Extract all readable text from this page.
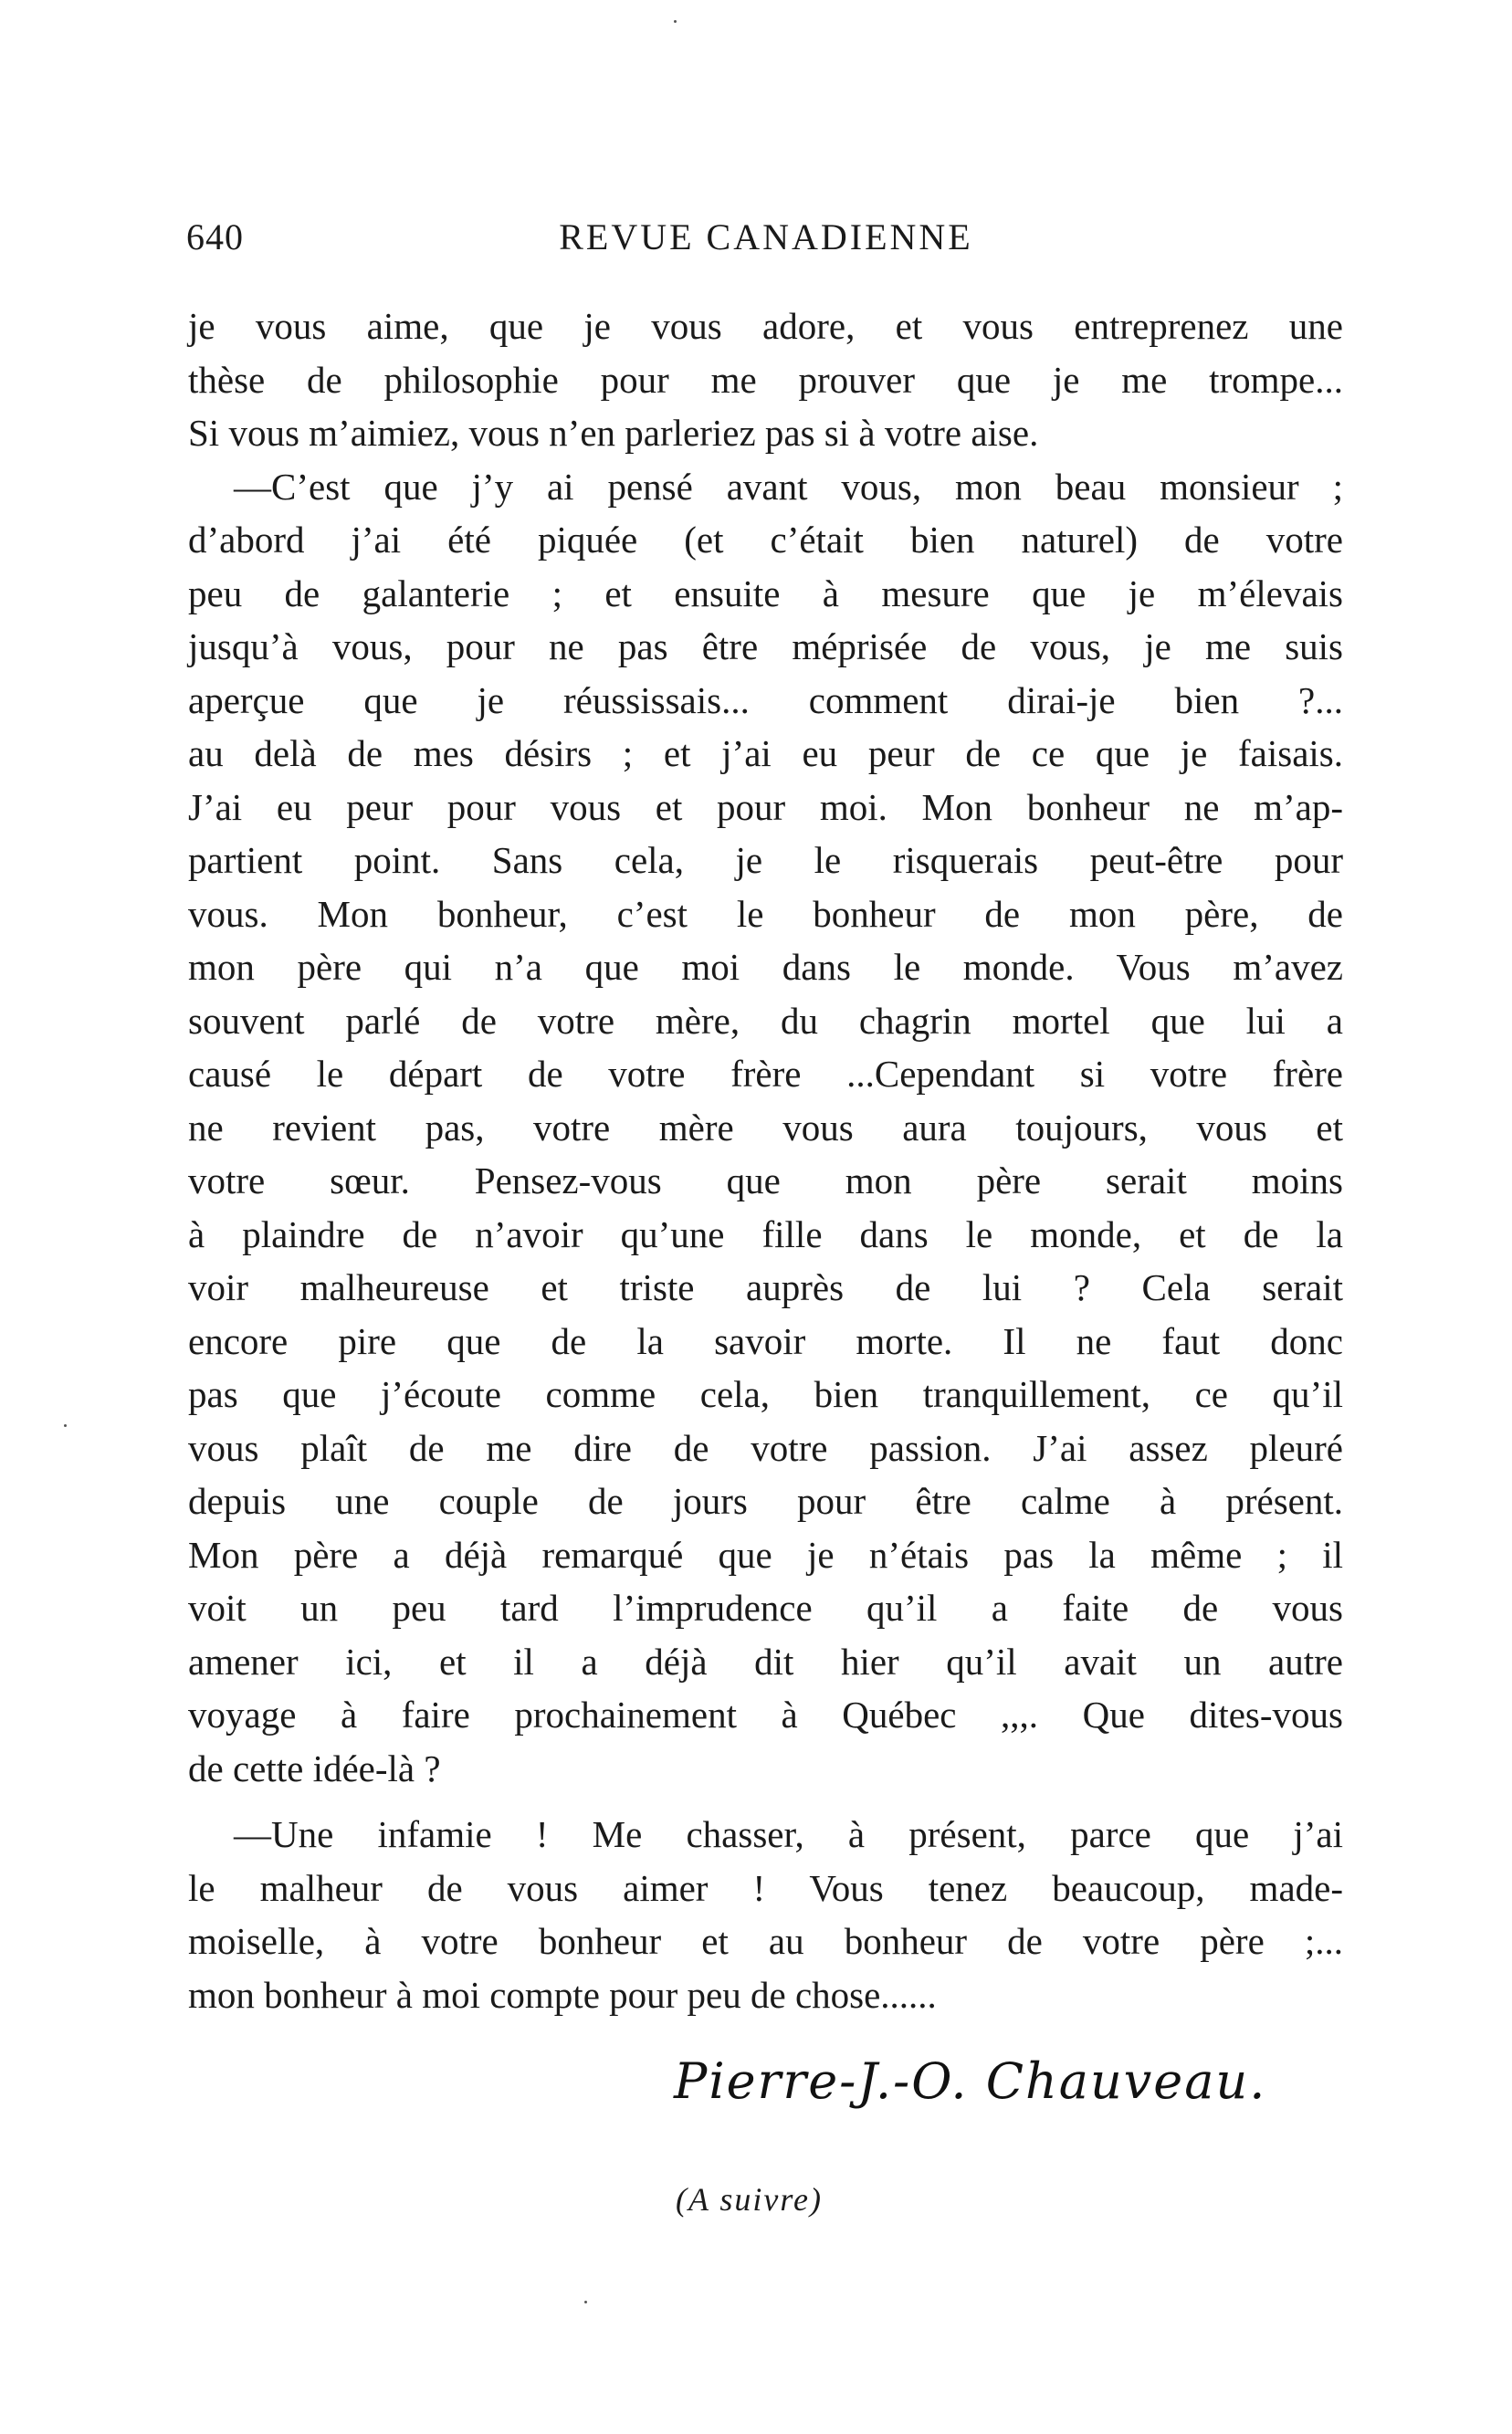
640	REVUE CANADIENNE
je vous aime, que je vous adore, et vous entreprenez une
thèse de philosophie pour me prouver que je me trompe...
Si vous m’aimiez, vous n’en parleriez pas si à votre aise.
—C’est que j’y ai pensé avant vous, mon beau monsieur ;
d’abord j’ai été piquée (et c’était bien naturel) de votre
peu de galanterie ; et ensuite à mesure que je m’élevais
jusqu’à vous, pour ne pas être méprisée de vous, je me suis
aperçue que je réussissais... comment dirai-je bien ?...
au delà de mes désirs ; et j’ai eu peur de ce que je faisais.
J’ai eu peur pour vous et pour moi. Mon bonheur ne m’ap-
partient point. Sans cela, je le risquerais peut-être pour
vous. Mon bonheur, c’est le bonheur de mon père, de
mon père qui n’a que moi dans le monde. Vous m’avez
souvent parlé de votre mère, du chagrin mortel que lui a
causé le départ de votre frère ...Cependant si votre frère
ne revient pas, votre mère vous aura toujours, vous et
votre sœur. Pensez-vous que mon père serait moins
à plaindre de n’avoir qu’une fille dans le monde, et de la
voir malheureuse et triste auprès de lui ? Cela serait
encore pire que de la savoir morte. Il ne faut donc
pas que j’écoute comme cela, bien tranquillement, ce qu’il
vous plaît de me dire de votre passion. J’ai assez pleuré
depuis une couple de jours pour être calme à présent.
Mon père a déjà remarqué que je n’étais pas la même ; il
voit un peu tard l’imprudence qu’il a faite de vous
amener ici, et il a déjà dit hier qu’il avait un autre
voyage à faire prochainement à Québec ,,,. Que dites-vous
de cette idée-là ?
—Une infamie ! Me chasser, à présent, parce que j’ai
le malheur de vous aimer ! Vous tenez beaucoup, made-
moiselle, à votre bonheur et au bonheur de votre père ;...
mon bonheur à moi compte pour peu de chose......
Pierre-J.-O. Chauveau.
(A suivre)
